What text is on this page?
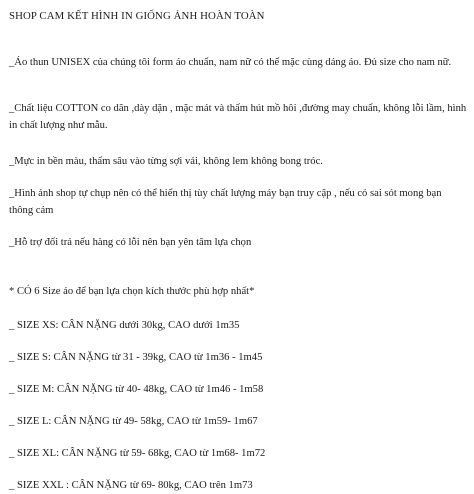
SHOP CAM KẾT HÌNH IN GIỐNG ẢNH HOÀN TOÀN
_Áo thun UNISEX của chúng tôi form áo chuẩn, nam nữ có thể mặc cùng dáng áo. Đủ size cho nam nữ.
_Chất liệu COTTON co dãn ,dày dặn , mặc mát và thấm hút mồ hôi ,đường may chuẩn, không lỗi lầm, hình in chất lượng như mẫu.
_Mực in bền màu, thấm sâu vào từng sợi vải, không lem không bong tróc.
_Hình ảnh shop tự chụp nên có thể hiển thị tùy chất lượng máy bạn truy cập , nếu có sai sót mong bạn thông cảm
_Hỗ trợ đổi trả nếu hàng có lỗi nên bạn yên tâm lựa chọn
* CÓ 6 Size áo để bạn lựa chọn kích thước phù hợp nhất*
_ SIZE XS: CÂN NẶNG dưới 30kg, CAO dưới 1m35
_ SIZE S: CÂN NẶNG từ 31 - 39kg, CAO từ 1m36 - 1m45
_ SIZE M: CÂN NẶNG từ 40- 48kg, CAO từ 1m46 - 1m58
_ SIZE L: CÂN NẶNG từ 49- 58kg, CAO từ 1m59- 1m67
_ SIZE XL: CÂN NẶNG từ 59- 68kg, CAO từ 1m68- 1m72
_ SIZE XXL : CÂN NẶNG từ 69- 80kg, CAO trên 1m73
